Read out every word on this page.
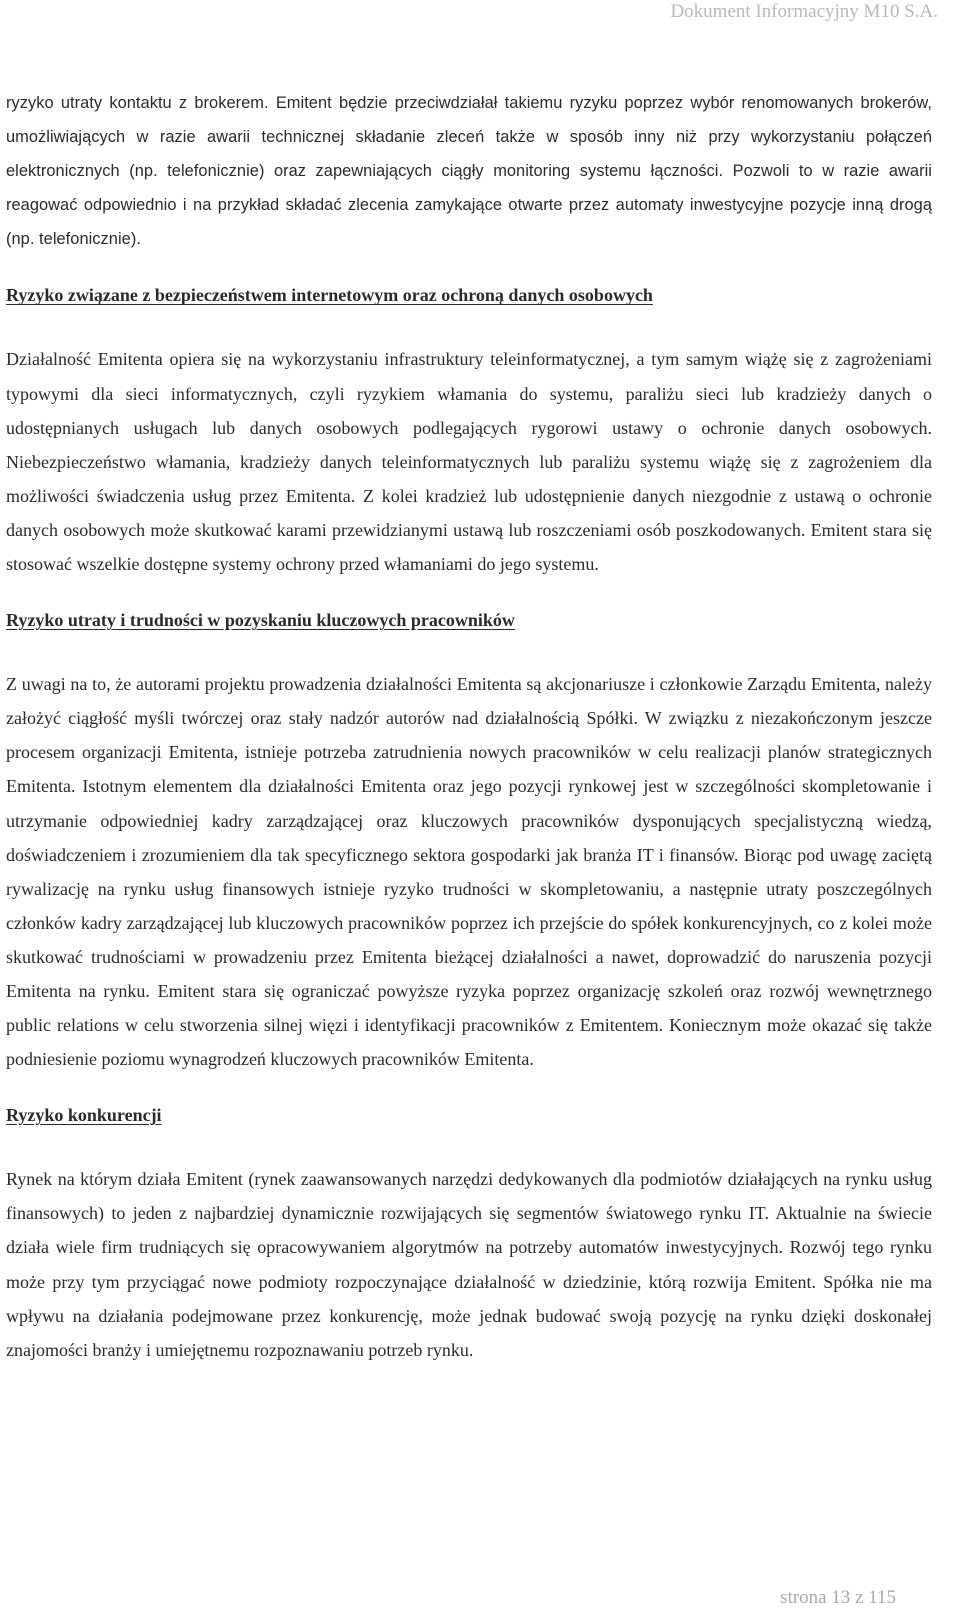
Dokument Informacyjny M10 S.A.

ryzyko utraty kontaktu z brokerem. Emitent będzie przeciwdziałał takiemu ryzyku poprzez wybór renomowanych brokerów, umożliwiających w razie awarii technicznej składanie zleceń także w sposób inny niż przy wykorzystaniu połączeń elektronicznych (np. telefonicznie) oraz zapewniających ciągły monitoring systemu łączności. Pozwoli to w razie awarii reagować odpowiednio i na przykład składać zlecenia zamykające otwarte przez automaty inwestycyjne pozycje inną drogą (np. telefonicznie).

Ryzyko związane z bezpieczeństwem internetowym oraz ochroną danych osobowych

Działalność Emitenta opiera się na wykorzystaniu infrastruktury teleinformatycznej, a tym samym wiążę się z zagrożeniami typowymi dla sieci informatycznych, czyli ryzykiem włamania do systemu, paraliżu sieci lub kradzieży danych o udostępnianych usługach lub danych osobowych podlegających rygorowi ustawy o ochronie danych osobowych. Niebezpieczeństwo włamania, kradzieży danych teleinformatycznych lub paraliżu systemu wiążę się z zagrożeniem dla możliwości świadczenia usług przez Emitenta. Z kolei kradzież lub udostępnienie danych niezgodnie z ustawą o ochronie danych osobowych może skutkować karami przewidzianymi ustawą lub roszczeniami osób poszkodowanych. Emitent stara się stosować wszelkie dostępne systemy ochrony przed włamaniami do jego systemu.

Ryzyko utraty i trudności w pozyskaniu kluczowych pracowników

Z uwagi na to, że autorami projektu prowadzenia działalności Emitenta są akcjonariusze i członkowie Zarządu Emitenta, należy założyć ciągłość myśli twórczej oraz stały nadzór autorów nad działalnością Spółki. W związku z niezakończonym jeszcze procesem organizacji Emitenta, istnieje potrzeba zatrudnienia nowych pracowników w celu realizacji planów strategicznych Emitenta. Istotnym elementem dla działalności Emitenta oraz jego pozycji rynkowej jest w szczególności skompletowanie i utrzymanie odpowiedniej kadry zarządzającej oraz kluczowych pracowników dysponujących specjalistyczną wiedzą, doświadczeniem i zrozumieniem dla tak specyficznego sektora gospodarki jak branża IT i finansów. Biorąc pod uwagę zaciętą rywalizację na rynku usług finansowych istnieje ryzyko trudności w skompletowaniu, a następnie utraty poszczególnych członków kadry zarządzającej lub kluczowych pracowników poprzez ich przejście do spółek konkurencyjnych, co z kolei może skutkować trudnościami w prowadzeniu przez Emitenta bieżącej działalności a nawet, doprowadzić do naruszenia pozycji Emitenta na rynku. Emitent stara się ograniczać powyższe ryzyka poprzez organizację szkoleń oraz rozwój wewnętrznego public relations w celu stworzenia silnej więzi i identyfikacji pracowników z Emitentem. Koniecznym może okazać się także podniesienie poziomu wynagrodzeń kluczowych pracowników Emitenta.

Ryzyko konkurencji

Rynek na którym działa Emitent (rynek zaawansowanych narzędzi dedykowanych dla podmiotów działających na rynku usług finansowych) to jeden z najbardziej dynamicznie rozwijających się segmentów światowego rynku IT. Aktualnie na świecie działa wiele firm trudniących się opracowywaniem algorytmów na potrzeby automatów inwestycyjnych. Rozwój tego rynku może przy tym przyciągać nowe podmioty rozpoczynające działalność w dziedzinie, którą rozwija Emitent. Spółka nie ma wpływu na działania podejmowane przez konkurencję, może jednak budować swoją pozycję na rynku dzięki doskonałej znajomości branży i umiejętnemu rozpoznawaniu potrzeb rynku.

strona 13 z 115
